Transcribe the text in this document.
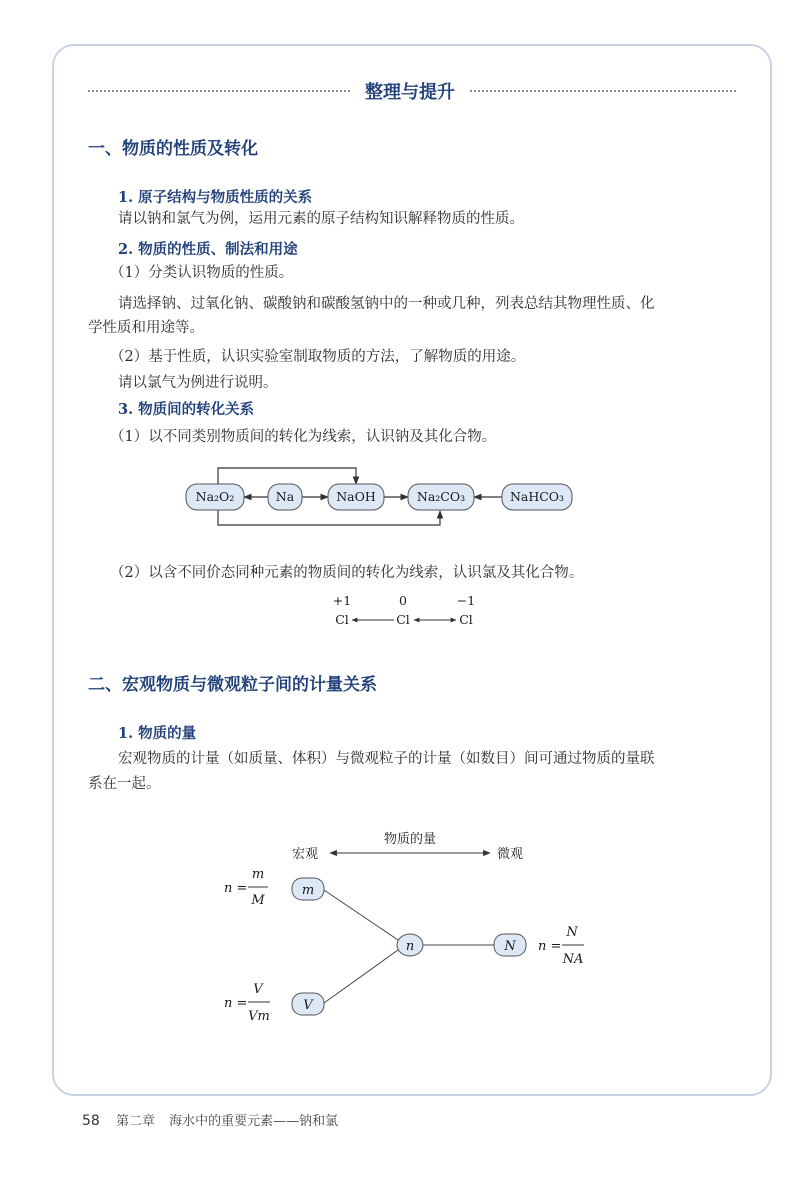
整理与提升
一、物质的性质及转化
1. 原子结构与物质性质的关系
请以钠和氯气为例，运用元素的原子结构知识解释物质的性质。
2. 物质的性质、制法和用途
（1）分类认识物质的性质。
请选择钠、过氧化钠、碳酸钠和碳酸氢钠中的一种或几种，列表总结其物理性质、化
学性质和用途等。
（2）基于性质，认识实验室制取物质的方法，了解物质的用途。
请以氯气为例进行说明。
3. 物质间的转化关系
（1）以不同类别物质间的转化为线索，认识钠及其化合物。
Na₂O₂	Na	NaOH	Na₂CO₃	NaHCO₃
（2）以含不同价态同种元素的物质间的转化为线索，认识氯及其化合物。
+1	0	−1
Cl	Cl	Cl
二、宏观物质与微观粒子间的计量关系
1. 物质的量
宏观物质的计量（如质量、体积）与微观粒子的计量（如数目）间可通过物质的量联
系在一起。
物质的量
宏观	微观
m
V
n	N
n =
m
M
n =
V
Vm
n =
N
NA
58 第二章 海水中的重要元素——钠和氯
